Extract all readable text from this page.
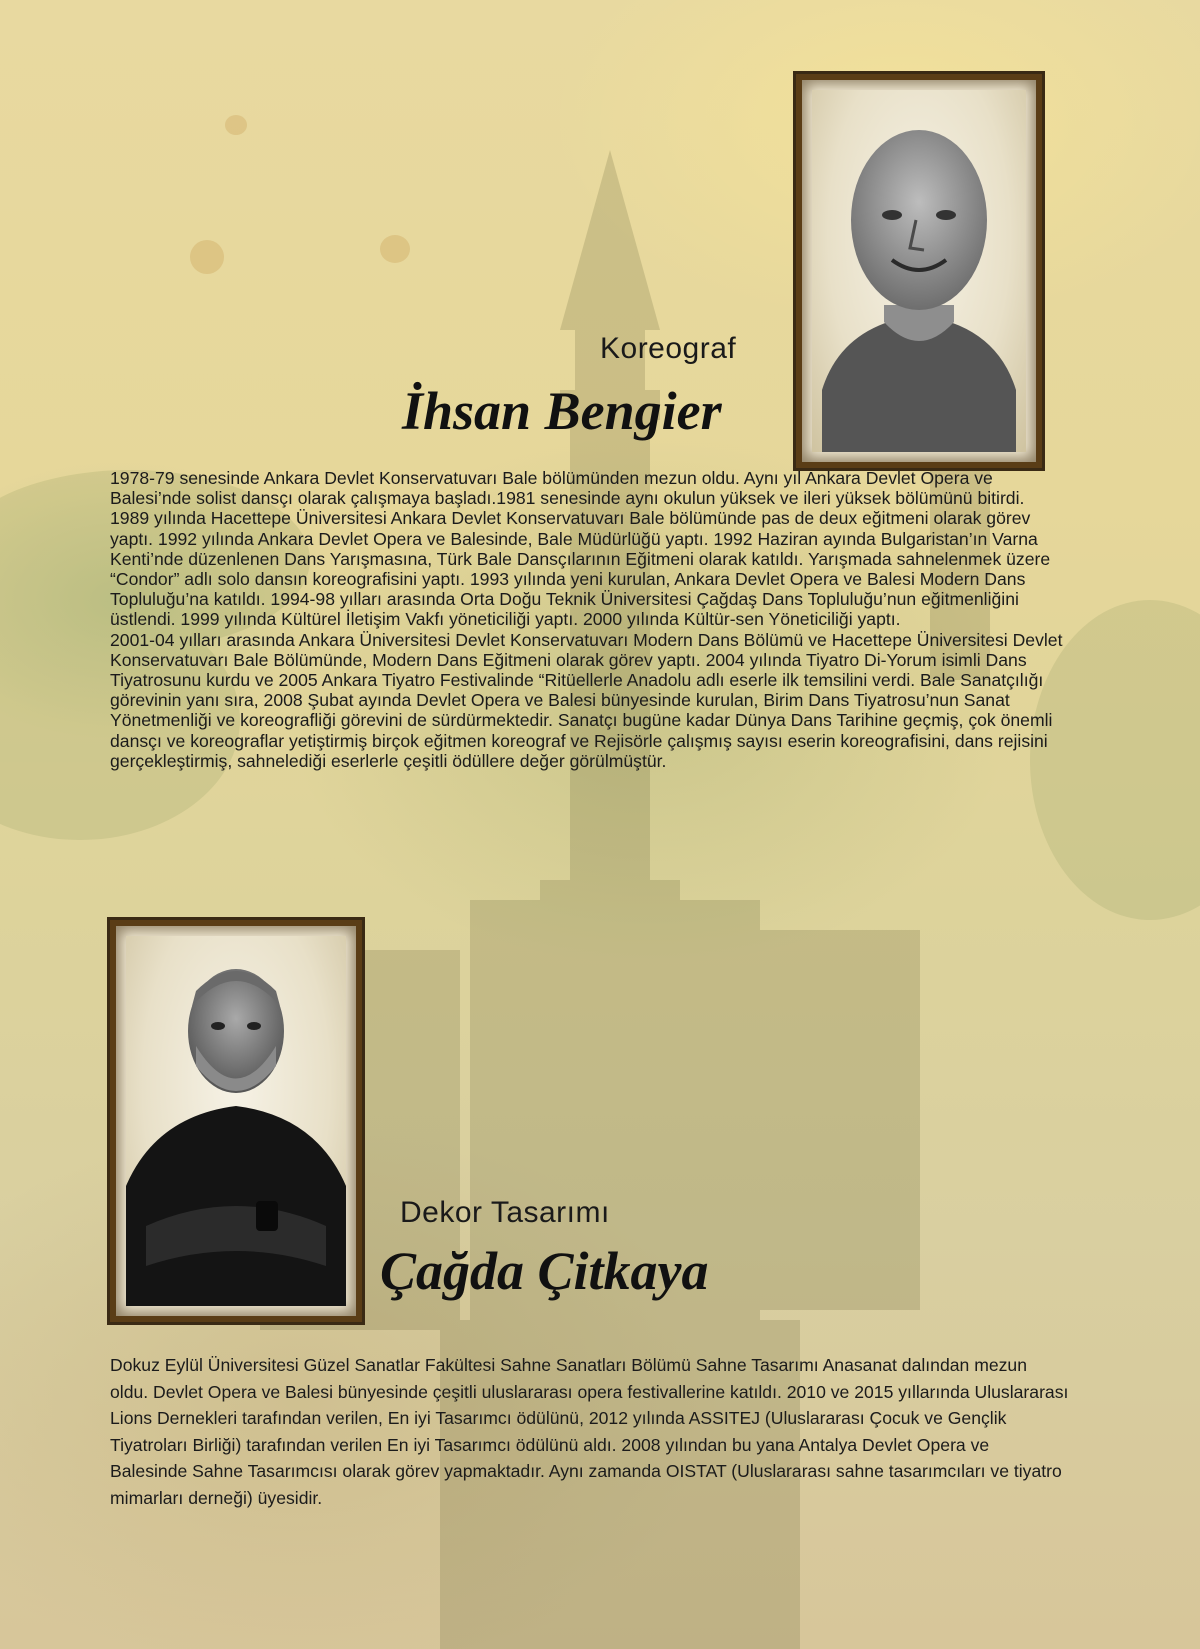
Koreograf
İhsan Bengier

1978-79 senesinde Ankara Devlet Konservatuvarı Bale bölümünden mezun oldu. Aynı yıl Ankara Devlet Opera ve Balesi’nde solist dansçı olarak çalışmaya başladı.1981 senesinde aynı okulun yüksek ve ileri yüksek bölümünü bitirdi.

1989 yılında Hacettepe Üniversitesi Ankara Devlet Konservatuvarı Bale bölümünde pas de deux eğitmeni olarak görev yaptı. 1992 yılında Ankara Devlet Opera ve Balesinde, Bale Müdürlüğü yaptı. 1992 Haziran ayında Bulgaristan’ın Varna Kenti’nde düzenlenen Dans Yarışmasına, Türk Bale Dansçılarının Eğitmeni olarak katıldı. Yarışmada sahnelenmek üzere “Condor” adlı solo dansın koreografisini yaptı. 1993 yılında yeni kurulan, Ankara Devlet Opera ve Balesi Modern Dans Topluluğu’na katıldı. 1994-98 yılları arasında Orta Doğu Teknik Üniversitesi Çağdaş Dans Topluluğu’nun eğitmenliğini üstlendi. 1999 yılında Kültürel İletişim Vakfı yöneticiliği yaptı. 2000 yılında Kültür-sen Yöneticiliği yaptı.

2001-04 yılları arasında Ankara Üniversitesi Devlet Konservatuvarı Modern Dans Bölümü ve Hacettepe Üniversitesi Devlet Konservatuvarı Bale Bölümünde, Modern Dans Eğitmeni olarak görev yaptı. 2004 yılında Tiyatro Di-Yorum isimli Dans Tiyatrosunu kurdu ve 2005 Ankara Tiyatro Festivalinde “Ritüellerle Anadolu adlı eserle ilk temsilini verdi. Bale Sanatçılığı görevinin yanı sıra, 2008 Şubat ayında Devlet Opera ve Balesi bünyesinde kurulan, Birim Dans Tiyatrosu’nun Sanat Yönetmenliği ve koreografliği görevini de sürdürmektedir. Sanatçı bugüne kadar Dünya Dans Tarihine geçmiş, çok önemli dansçı ve koreograflar yetiştirmiş birçok eğitmen koreograf ve Rejisörle çalışmış sayısı eserin koreografisini, dans rejisini gerçekleştirmiş, sahnelediği eserlerle çeşitli ödüllere değer görülmüştür.

Dekor Tasarımı
Çağda Çitkaya

Dokuz Eylül Üniversitesi Güzel Sanatlar Fakültesi Sahne Sanatları Bölümü Sahne Tasarımı Anasanat dalından mezun oldu. Devlet Opera ve Balesi bünyesinde çeşitli uluslararası opera festivallerine katıldı. 2010 ve 2015 yıllarında Uluslararası Lions Dernekleri tarafından verilen, En iyi Tasarımcı ödülünü, 2012 yılında ASSITEJ (Uluslararası Çocuk ve Gençlik Tiyatroları Birliği) tarafından verilen En iyi Tasarımcı ödülünü aldı. 2008 yılından bu yana Antalya Devlet Opera ve Balesinde Sahne Tasarımcısı olarak görev yapmaktadır. Aynı zamanda OISTAT (Uluslararası sahne tasarımcıları ve tiyatro mimarları derneği) üyesidir.
